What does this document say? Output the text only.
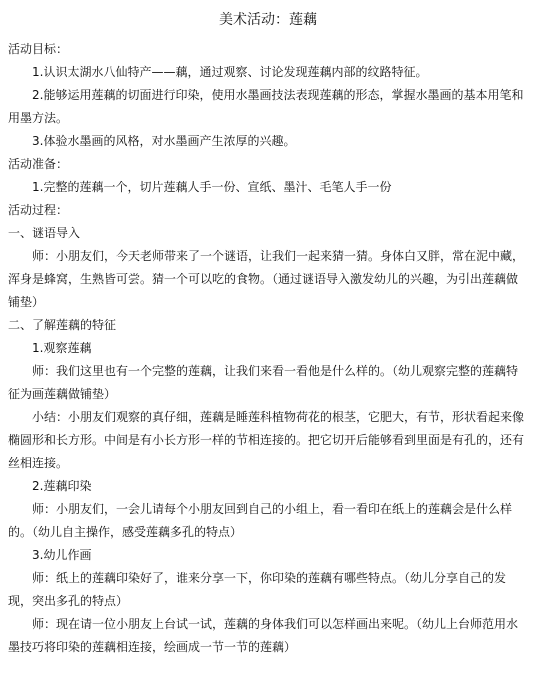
美术活动：莲藕

活动目标：

1.认识太湖水八仙特产——藕，通过观察、讨论发现莲藕内部的纹路特征。

2.能够运用莲藕的切面进行印染，使用水墨画技法表现莲藕的形态，掌握水墨画的基本用笔和用墨方法。

3.体验水墨画的风格，对水墨画产生浓厚的兴趣。

活动准备：

1.完整的莲藕一个，切片莲藕人手一份、宣纸、墨汁、毛笔人手一份

活动过程：

一、谜语导入

师：小朋友们，今天老师带来了一个谜语，让我们一起来猜一猜。身体白又胖，常在泥中藏，浑身是蜂窝，生熟皆可尝。猜一个可以吃的食物。（通过谜语导入激发幼儿的兴趣，为引出莲藕做铺垫）

二、了解莲藕的特征

1.观察莲藕

师：我们这里也有一个完整的莲藕，让我们来看一看他是什么样的。（幼儿观察完整的莲藕特征为画莲藕做铺垫）

小结：小朋友们观察的真仔细，莲藕是睡莲科植物荷花的根茎，它肥大，有节，形状看起来像椭圆形和长方形。中间是有小长方形一样的节相连接的。把它切开后能够看到里面是有孔的，还有丝相连接。

2.莲藕印染

师：小朋友们，一会儿请每个小朋友回到自己的小组上，看一看印在纸上的莲藕会是什么样的。（幼儿自主操作，感受莲藕多孔的特点）

3.幼儿作画

师：纸上的莲藕印染好了，谁来分享一下，你印染的莲藕有哪些特点。（幼儿分享自己的发现，突出多孔的特点）

师：现在请一位小朋友上台试一试，莲藕的身体我们可以怎样画出来呢。（幼儿上台师范用水墨技巧将印染的莲藕相连接，绘画成一节一节的莲藕）
